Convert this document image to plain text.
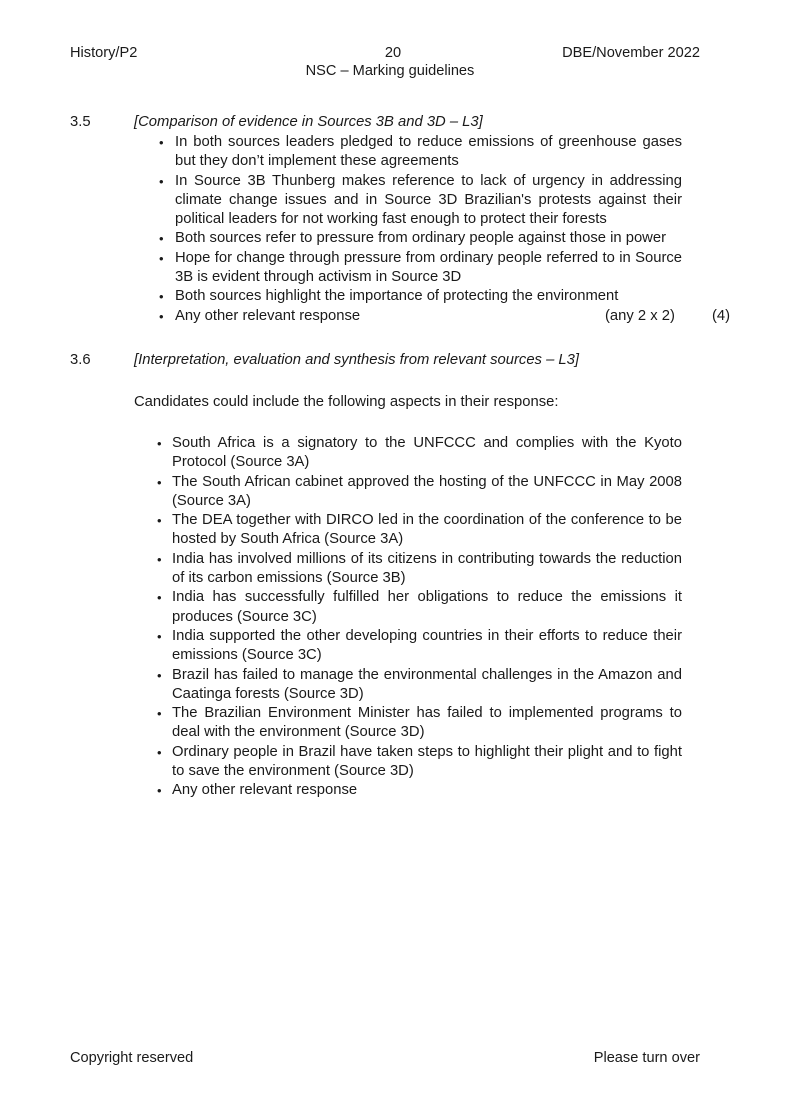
History/P2	20	DBE/November 2022
NSC – Marking guidelines
3.5	[Comparison of evidence in Sources 3B and 3D – L3]
• In both sources leaders pledged to reduce emissions of greenhouse gases but they don’t implement these agreements
• In Source 3B Thunberg makes reference to lack of urgency in addressing climate change issues and in Source 3D Brazilian's protests against their political leaders for not working fast enough to protect their forests
• Both sources refer to pressure from ordinary people against those in power
• Hope for change through pressure from ordinary people referred to in Source 3B is evident through activism in Source 3D
• Both sources highlight the importance of protecting the environment
• Any other relevant response	(any 2 x 2)	(4)
3.6	[Interpretation, evaluation and synthesis from relevant sources – L3]
Candidates could include the following aspects in their response:
• South Africa is a signatory to the UNFCCC and complies with the Kyoto Protocol (Source 3A)
• The South African cabinet approved the hosting of the UNFCCC in May 2008 (Source 3A)
• The DEA together with DIRCO led in the coordination of the conference to be hosted by South Africa (Source 3A)
• India has involved millions of its citizens in contributing towards the reduction of its carbon emissions (Source 3B)
• India has successfully fulfilled her obligations to reduce the emissions it produces (Source 3C)
• India supported the other developing countries in their efforts to reduce their emissions (Source 3C)
• Brazil has failed to manage the environmental challenges in the Amazon and Caatinga forests (Source 3D)
• The Brazilian Environment Minister has failed to implemented programs to deal with the environment (Source 3D)
• Ordinary people in Brazil have taken steps to highlight their plight and to fight to save the environment (Source 3D)
• Any other relevant response
Copyright reserved	Please turn over
